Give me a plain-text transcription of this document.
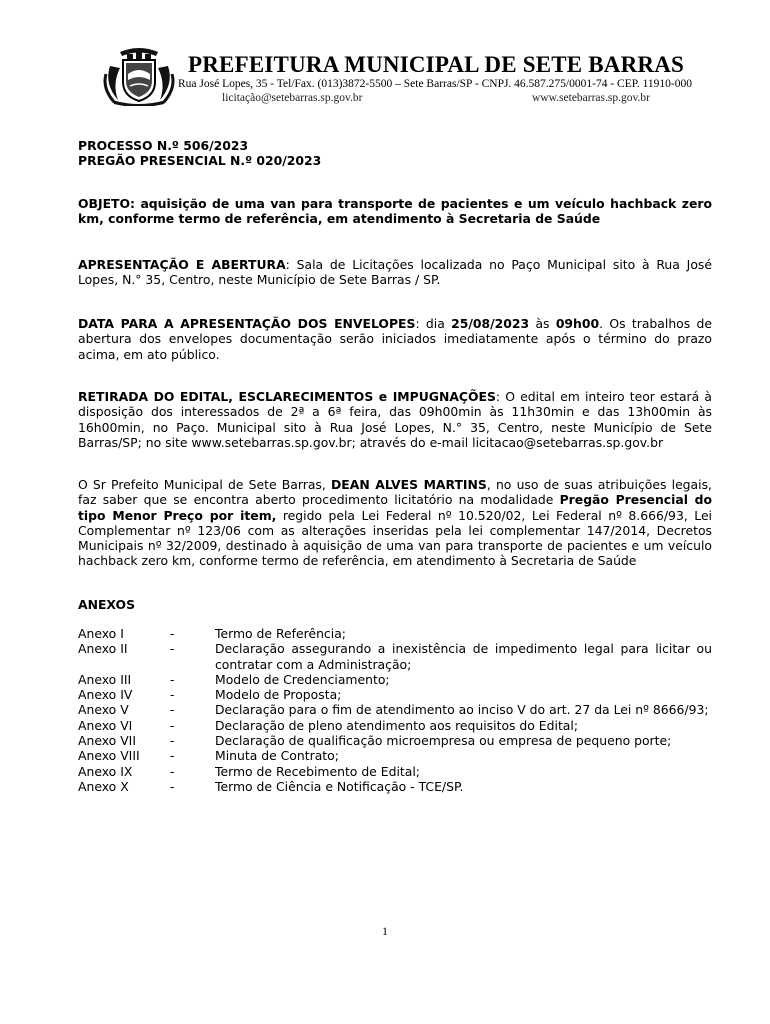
PREFEITURA MUNICIPAL DE SETE BARRAS
Rua José Lopes, 35 - Tel/Fax. (013)3872-5500 – Sete Barras/SP - CNPJ. 46.587.275/0001-74 - CEP. 11910-000
licitação@setebarras.sp.gov.br	www.setebarras.sp.gov.br
PROCESSO N.º 506/2023
PREGÃO PRESENCIAL N.º 020/2023
OBJETO: aquisição de uma van para transporte de pacientes e um veículo hachback zero km, conforme termo de referência, em atendimento à Secretaria de Saúde
APRESENTAÇÃO E ABERTURA: Sala de Licitações localizada no Paço Municipal sito à Rua José Lopes, N.° 35, Centro, neste Município de Sete Barras / SP.
DATA PARA A APRESENTAÇÃO DOS ENVELOPES: dia 25/08/2023 às 09h00. Os trabalhos de abertura dos envelopes documentação serão iniciados imediatamente após o término do prazo acima, em ato público.
RETIRADA DO EDITAL, ESCLARECIMENTOS e IMPUGNAÇÕES: O edital em inteiro teor estará à disposição dos interessados de 2ª a 6ª feira, das 09h00min às 11h30min e das 13h00min às 16h00min, no Paço. Municipal sito à Rua José Lopes, N.° 35, Centro, neste Município de Sete Barras/SP; no site www.setebarras.sp.gov.br; através do e-mail licitacao@setebarras.sp.gov.br
O Sr Prefeito Municipal de Sete Barras, DEAN ALVES MARTINS, no uso de suas atribuições legais, faz saber que se encontra aberto procedimento licitatório na modalidade Pregão Presencial do tipo Menor Preço por item, regido pela Lei Federal nº 10.520/02, Lei Federal nº 8.666/93, Lei Complementar nº 123/06 com as alterações inseridas pela lei complementar 147/2014, Decretos Municipais nº 32/2009, destinado à aquisição de uma van para transporte de pacientes e um veículo hachback zero km, conforme termo de referência, em atendimento à Secretaria de Saúde
ANEXOS
Anexo I	-	Termo de Referência;
Anexo II	-	Declaração assegurando a inexistência de impedimento legal para licitar ou contratar com a Administração;
Anexo III	-	Modelo de Credenciamento;
Anexo IV	-	Modelo de Proposta;
Anexo V	-	Declaração para o fim de atendimento ao inciso V do art. 27 da Lei nº 8666/93;
Anexo VI	-	Declaração de pleno atendimento aos requisitos do Edital;
Anexo VII	-	Declaração de qualificação microempresa ou empresa de pequeno porte;
Anexo VIII	-	Minuta de Contrato;
Anexo IX	-	Termo de Recebimento de Edital;
Anexo X	-	Termo de Ciência e Notificação - TCE/SP.
1
